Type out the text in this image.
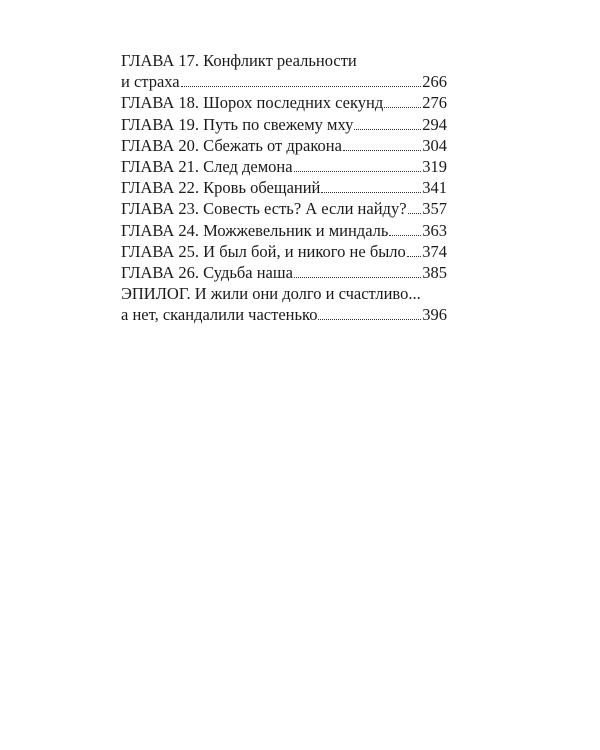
ГЛАВА 17. Конфликт реальности
и страха	266
ГЛАВА 18. Шорох последних секунд 276
ГЛАВА 19. Путь по свежему мху	294
ГЛАВА 20. Сбежать от дракона	304
ГЛАВА 21. След демона	319
ГЛАВА 22. Кровь обещаний	341
ГЛАВА 23. Совесть есть? А если найду? 357
ГЛАВА 24. Можжевельник и миндаль 363
ГЛАВА 25. И был бой, и никого не было 374
ГЛАВА 26. Судьба наша	385
ЭПИЛОГ. И жили они долго и счастливо...
а нет, скандалили частенько	396
